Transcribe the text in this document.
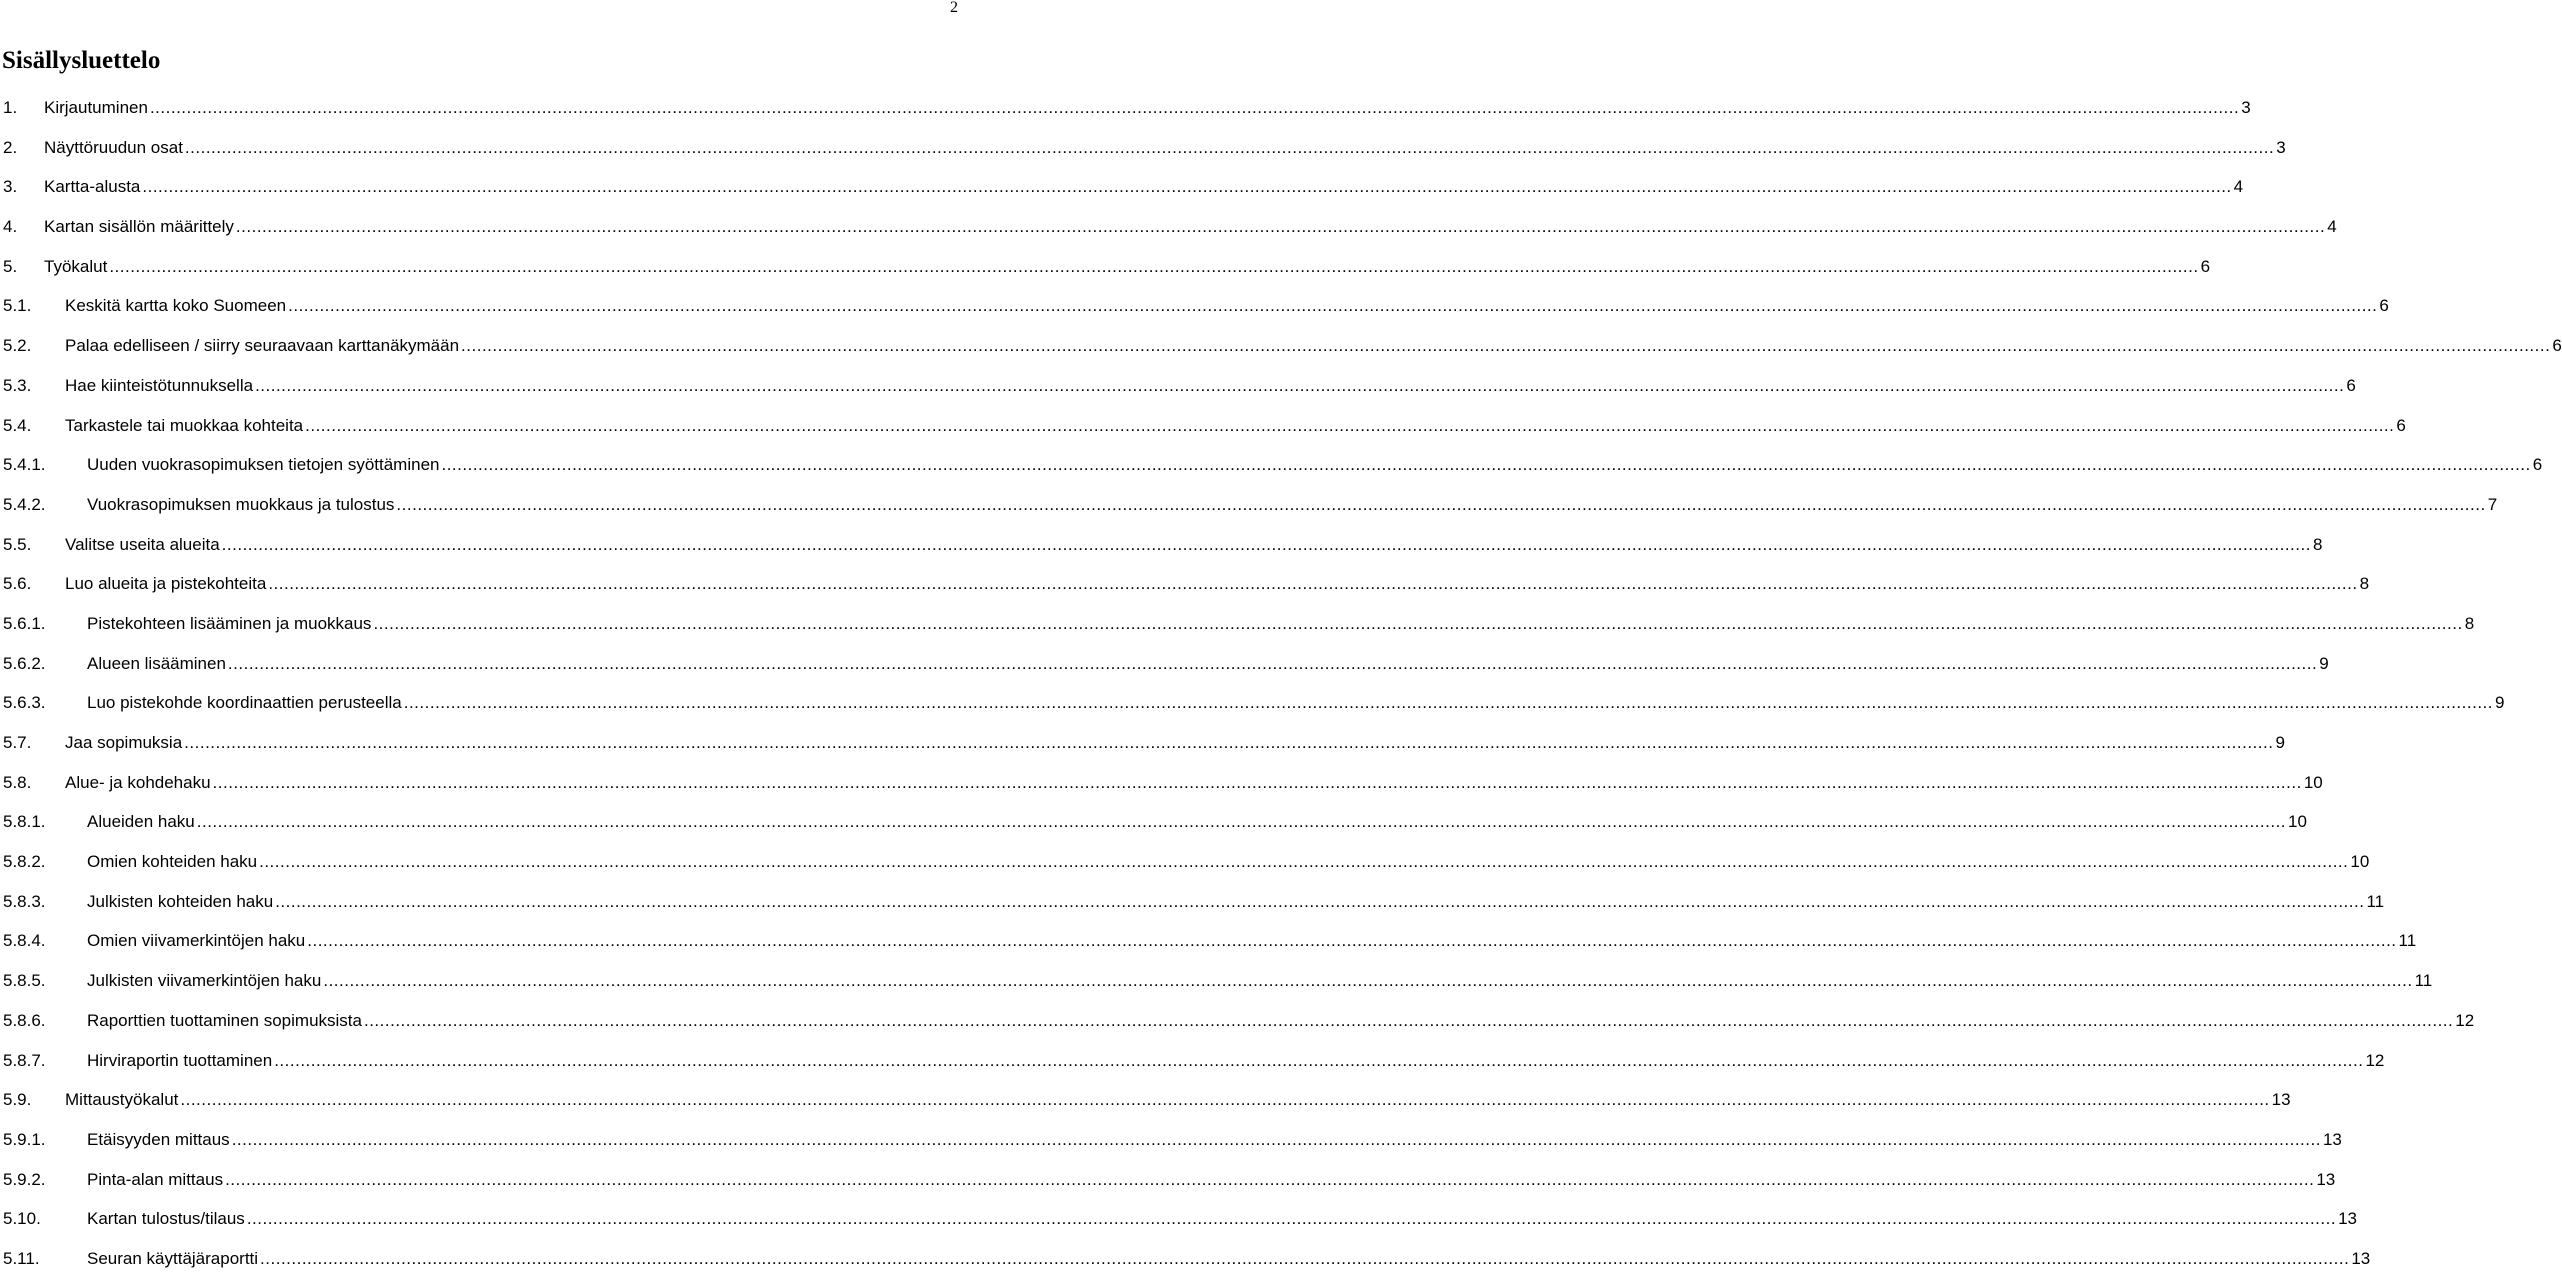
2
Sisällysluettelo
1.	Kirjautuminen ................................................................................................................................................................................................................................................................................................................................................................................................................ 3
2.	Näyttöruudun osat ................................................................................................................................................................................................................................................................................................................................................................................................................ 3
3.	Kartta-alusta ................................................................................................................................................................................................................................................................................................................................................................................................................ 4
4.	Kartan sisällön määrittely ................................................................................................................................................................................................................................................................................................................................................................................................................ 4
5.	Työkalut ................................................................................................................................................................................................................................................................................................................................................................................................................ 6
5.1.	Keskitä kartta koko Suomeen ................................................................................................................................................................................................................................................................................................................................................................................................................ 6
5.2.	Palaa edelliseen / siirry seuraavaan karttanäkymään ................................................................................................................................................................................................................................................................................................................................................................................................................ 6
5.3.	Hae kiinteistötunnuksella ................................................................................................................................................................................................................................................................................................................................................................................................................ 6
5.4.	Tarkastele tai muokkaa kohteita ................................................................................................................................................................................................................................................................................................................................................................................................................ 6
5.4.1.	Uuden vuokrasopimuksen tietojen syöttäminen ................................................................................................................................................................................................................................................................................................................................................................................................................ 6
5.4.2.	Vuokrasopimuksen muokkaus ja tulostus ................................................................................................................................................................................................................................................................................................................................................................................................................ 7
5.5.	Valitse useita alueita ................................................................................................................................................................................................................................................................................................................................................................................................................ 8
5.6.	Luo alueita ja pistekohteita ................................................................................................................................................................................................................................................................................................................................................................................................................ 8
5.6.1.	Pistekohteen lisääminen ja muokkaus ................................................................................................................................................................................................................................................................................................................................................................................................................ 8
5.6.2.	Alueen lisääminen ................................................................................................................................................................................................................................................................................................................................................................................................................ 9
5.6.3.	Luo pistekohde koordinaattien perusteella ................................................................................................................................................................................................................................................................................................................................................................................................................ 9
5.7.	Jaa sopimuksia ................................................................................................................................................................................................................................................................................................................................................................................................................ 9
5.8.	Alue- ja kohdehaku ................................................................................................................................................................................................................................................................................................................................................................................................................ 10
5.8.1.	Alueiden haku ................................................................................................................................................................................................................................................................................................................................................................................................................ 10
5.8.2.	Omien kohteiden haku ................................................................................................................................................................................................................................................................................................................................................................................................................ 10
5.8.3.	Julkisten kohteiden haku ................................................................................................................................................................................................................................................................................................................................................................................................................ 11
5.8.4.	Omien viivamerkintöjen haku ................................................................................................................................................................................................................................................................................................................................................................................................................ 11
5.8.5.	Julkisten viivamerkintöjen haku ................................................................................................................................................................................................................................................................................................................................................................................................................ 11
5.8.6.	Raporttien tuottaminen sopimuksista ................................................................................................................................................................................................................................................................................................................................................................................................................ 12
5.8.7.	Hirviraportin tuottaminen ................................................................................................................................................................................................................................................................................................................................................................................................................ 12
5.9.	Mittaustyökalut ................................................................................................................................................................................................................................................................................................................................................................................................................ 13
5.9.1.	Etäisyyden mittaus ................................................................................................................................................................................................................................................................................................................................................................................................................ 13
5.9.2.	Pinta-alan mittaus ................................................................................................................................................................................................................................................................................................................................................................................................................ 13
5.10.	Kartan tulostus/tilaus ................................................................................................................................................................................................................................................................................................................................................................................................................ 13
5.11.	Seuran käyttäjäraportti ................................................................................................................................................................................................................................................................................................................................................................................................................ 13
